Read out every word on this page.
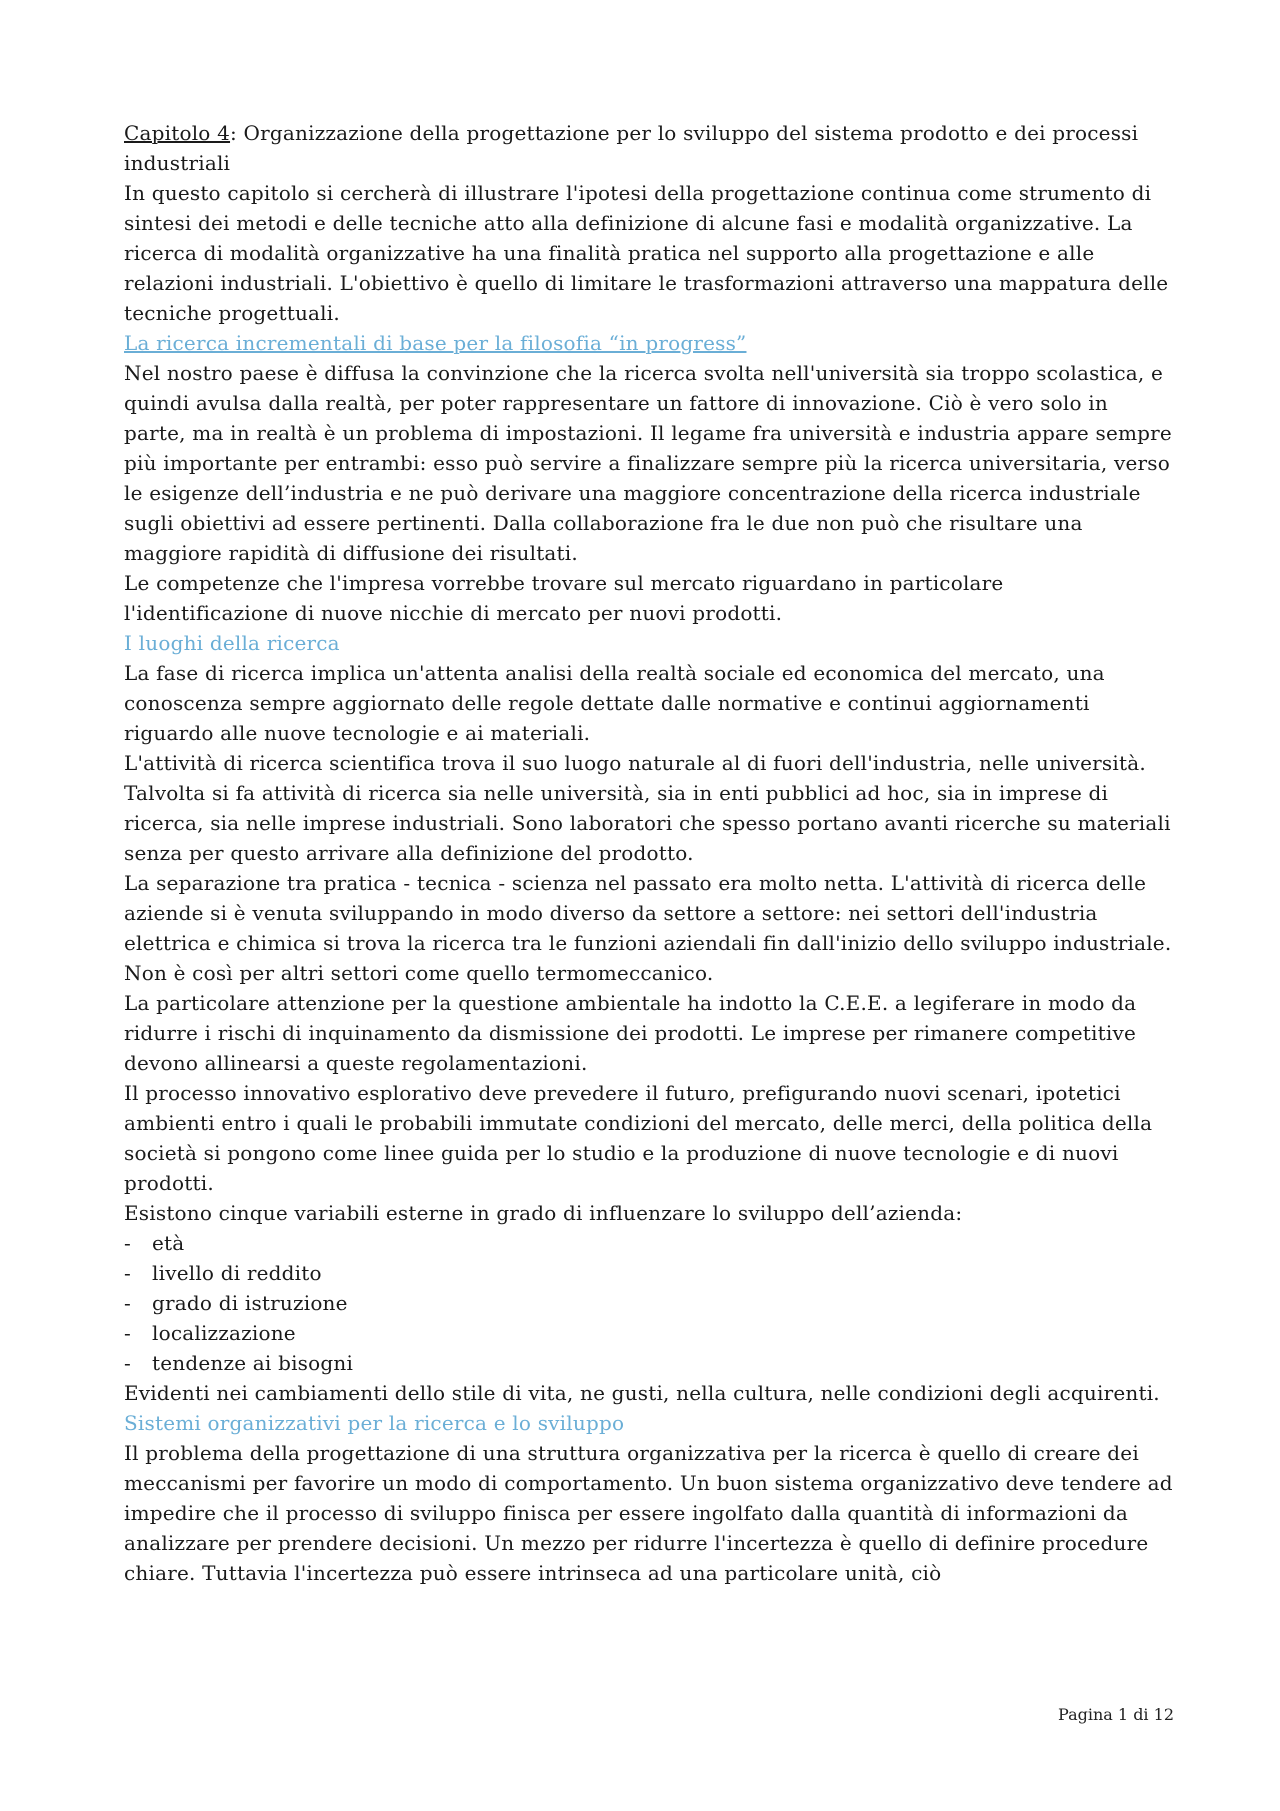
Capitolo 4: Organizzazione della progettazione per lo sviluppo del sistema prodotto e dei processi industriali

In questo capitolo si cercherà di illustrare l'ipotesi della progettazione continua come strumento di sintesi dei metodi e delle tecniche atto alla definizione di alcune fasi e modalità organizzative. La ricerca di modalità organizzative ha una finalità pratica nel supporto alla progettazione e alle relazioni industriali. L'obiettivo è quello di limitare le trasformazioni attraverso una mappatura delle tecniche progettuali.

La ricerca incrementali di base per la filosofia “in progress”

Nel nostro paese è diffusa la convinzione che la ricerca svolta nell'università sia troppo scolastica, e quindi avulsa dalla realtà, per poter rappresentare un fattore di innovazione. Ciò è vero solo in parte, ma in realtà è un problema di impostazioni. Il legame fra università e industria appare sempre più importante per entrambi: esso può servire a finalizzare sempre più la ricerca universitaria, verso le esigenze dell’industria e ne può derivare una maggiore concentrazione della ricerca industriale sugli obiettivi ad essere pertinenti. Dalla collaborazione fra le due non può che risultare una maggiore rapidità di diffusione dei risultati.

Le competenze che l'impresa vorrebbe trovare sul mercato riguardano in particolare l'identificazione di nuove nicchie di mercato per nuovi prodotti.

I luoghi della ricerca

La fase di ricerca implica un'attenta analisi della realtà sociale ed economica del mercato, una conoscenza sempre aggiornato delle regole dettate dalle normative e continui aggiornamenti riguardo alle nuove tecnologie e ai materiali.

L'attività di ricerca scientifica trova il suo luogo naturale al di fuori dell'industria, nelle università. Talvolta si fa attività di ricerca sia nelle università, sia in enti pubblici ad hoc, sia in imprese di ricerca, sia nelle imprese industriali. Sono laboratori che spesso portano avanti ricerche su materiali senza per questo arrivare alla definizione del prodotto.

La separazione tra pratica - tecnica - scienza nel passato era molto netta. L'attività di ricerca delle aziende si è venuta sviluppando in modo diverso da settore a settore: nei settori dell'industria elettrica e chimica si trova la ricerca tra le funzioni aziendali fin dall'inizio dello sviluppo industriale. Non è così per altri settori come quello termomeccanico.

La particolare attenzione per la questione ambientale ha indotto la C.E.E. a legiferare in modo da ridurre i rischi di inquinamento da dismissione dei prodotti. Le imprese per rimanere competitive devono allinearsi a queste regolamentazioni.

Il processo innovativo esplorativo deve prevedere il futuro, prefigurando nuovi scenari, ipotetici ambienti entro i quali le probabili immutate condizioni del mercato, delle merci, della politica della società si pongono come linee guida per lo studio e la produzione di nuove tecnologie e di nuovi prodotti.

Esistono cinque variabili esterne in grado di influenzare lo sviluppo dell’azienda:

- età
- livello di reddito
- grado di istruzione
- localizzazione
- tendenze ai bisogni

Evidenti nei cambiamenti dello stile di vita, ne gusti, nella cultura, nelle condizioni degli acquirenti.

Sistemi organizzativi per la ricerca e lo sviluppo

Il problema della progettazione di una struttura organizzativa per la ricerca è quello di creare dei meccanismi per favorire un modo di comportamento. Un buon sistema organizzativo deve tendere ad impedire che il processo di sviluppo finisca per essere ingolfato dalla quantità di informazioni da analizzare per prendere decisioni. Un mezzo per ridurre l'incertezza è quello di definire procedure chiare. Tuttavia l'incertezza può essere intrinseca ad una particolare unità, ciò

Pagina 1 di 12
